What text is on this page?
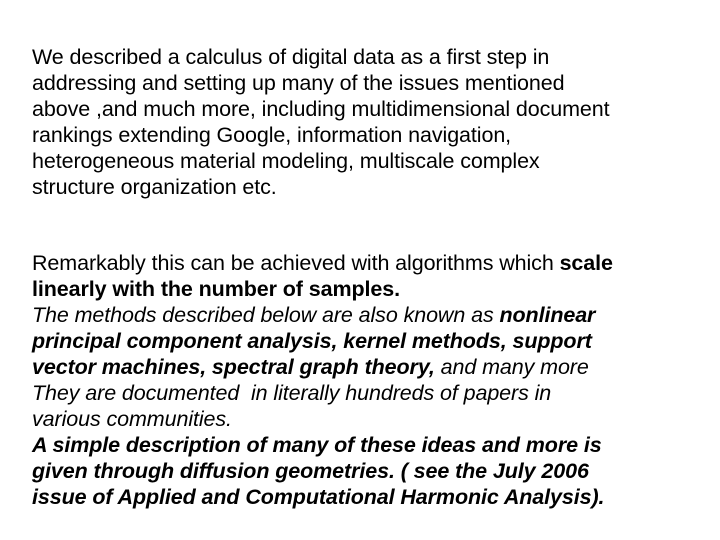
We described a calculus of digital data as a first step in
addressing and setting up many of the issues mentioned
above ,and much more, including multidimensional document
rankings extending Google, information navigation,
heterogeneous material modeling, multiscale complex
structure organization etc.
Remarkably this can be achieved with algorithms which scale
linearly with the number of samples.
The methods described below are also known as nonlinear
principal component analysis, kernel methods, support
vector machines, spectral graph theory, and many more
They are documented  in literally hundreds of papers in
various communities.
A simple description of many of these ideas and more is
given through diffusion geometries. ( see the July 2006
issue of Applied and Computational Harmonic Analysis).
